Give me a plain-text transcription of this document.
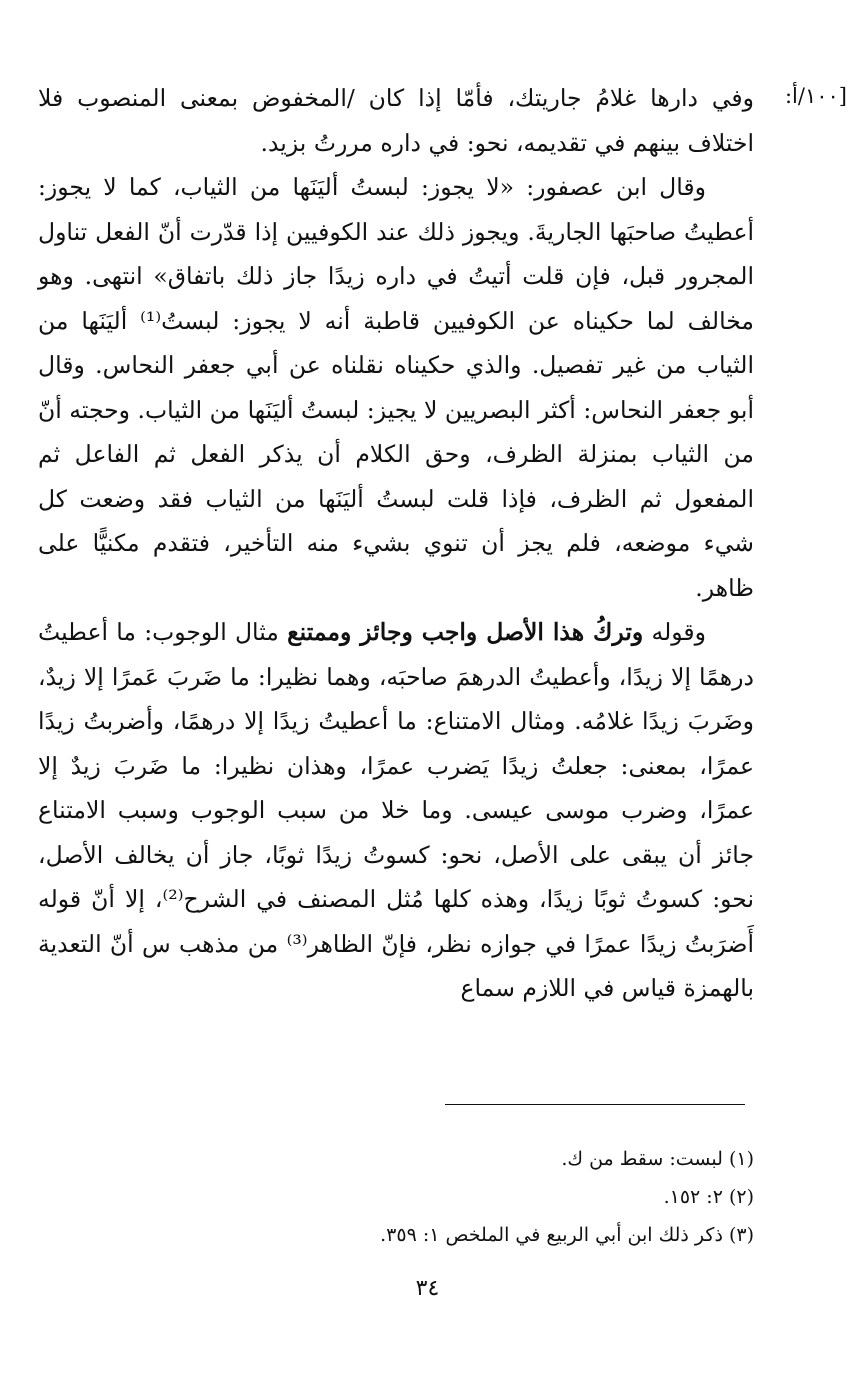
:١٠٠/أ]

وفي دارها غلامُ جاريتك، فأمّا إذا كان /المخفوض بمعنى المنصوب فلا اختلاف بينهم في تقديمه، نحو: في داره مررتُ بزيد.

وقال ابن عصفور: «لا يجوز: لبستُ أليَنَها من الثياب، كما لا يجوز: أعطيتُ صاحبَها الجاريةَ. ويجوز ذلك عند الكوفيين إذا قدّرت أنّ الفعل تناول المجرور قبل، فإن قلت أتيتُ في داره زيدًا جاز ذلك باتفاق» انتهى. وهو مخالف لما حكيناه عن الكوفيين قاطبة أنه لا يجوز: لبستُ⁽¹⁾ أليَنَها من الثياب من غير تفصيل. والذي حكيناه نقلناه عن أبي جعفر النحاس. وقال أبو جعفر النحاس: أكثر البصريين لا يجيز: لبستُ أليَنَها من الثياب. وحجته أنّ من الثياب بمنزلة الظرف، وحق الكلام أن يذكر الفعل ثم الفاعل ثم المفعول ثم الظرف، فإذا قلت لبستُ أليَنَها من الثياب فقد وضعت كل شيء موضعه، فلم يجز أن تنوي بشيء منه التأخير، فتقدم مكنيًّا على ظاهر.

وقوله وتركُ هذا الأصل واجب وجائز وممتنع مثال الوجوب: ما أعطيتُ درهمًا إلا زيدًا، وأعطيتُ الدرهمَ صاحبَه، وهما نظيرا: ما ضَربَ عَمرًا إلا زيدٌ، وضَربَ زيدًا غلامُه. ومثال الامتناع: ما أعطيتُ زيدًا إلا درهمًا، وأضربتُ زيدًا عمرًا، بمعنى: جعلتُ زيدًا يَضرب عمرًا، وهذان نظيرا: ما ضَربَ زيدٌ إلا عمرًا، وضرب موسى عيسى. وما خلا من سبب الوجوب وسبب الامتناع جائز أن يبقى على الأصل، نحو: كسوتُ زيدًا ثوبًا، جاز أن يخالف الأصل، نحو: كسوتُ ثوبًا زيدًا، وهذه كلها مُثل المصنف في الشرح⁽²⁾، إلا أنّ قوله أَضرَبتُ زيدًا عمرًا في جوازه نظر، فإنّ الظاهر⁽³⁾ من مذهب س أنّ التعدية بالهمزة قياس في اللازم سماع

(١) لبست: سقط من ك.

(٢) ٢: ١٥٢.

(٣) ذكر ذلك ابن أبي الربيع في الملخص ١: ٣٥٩.

٣٤
